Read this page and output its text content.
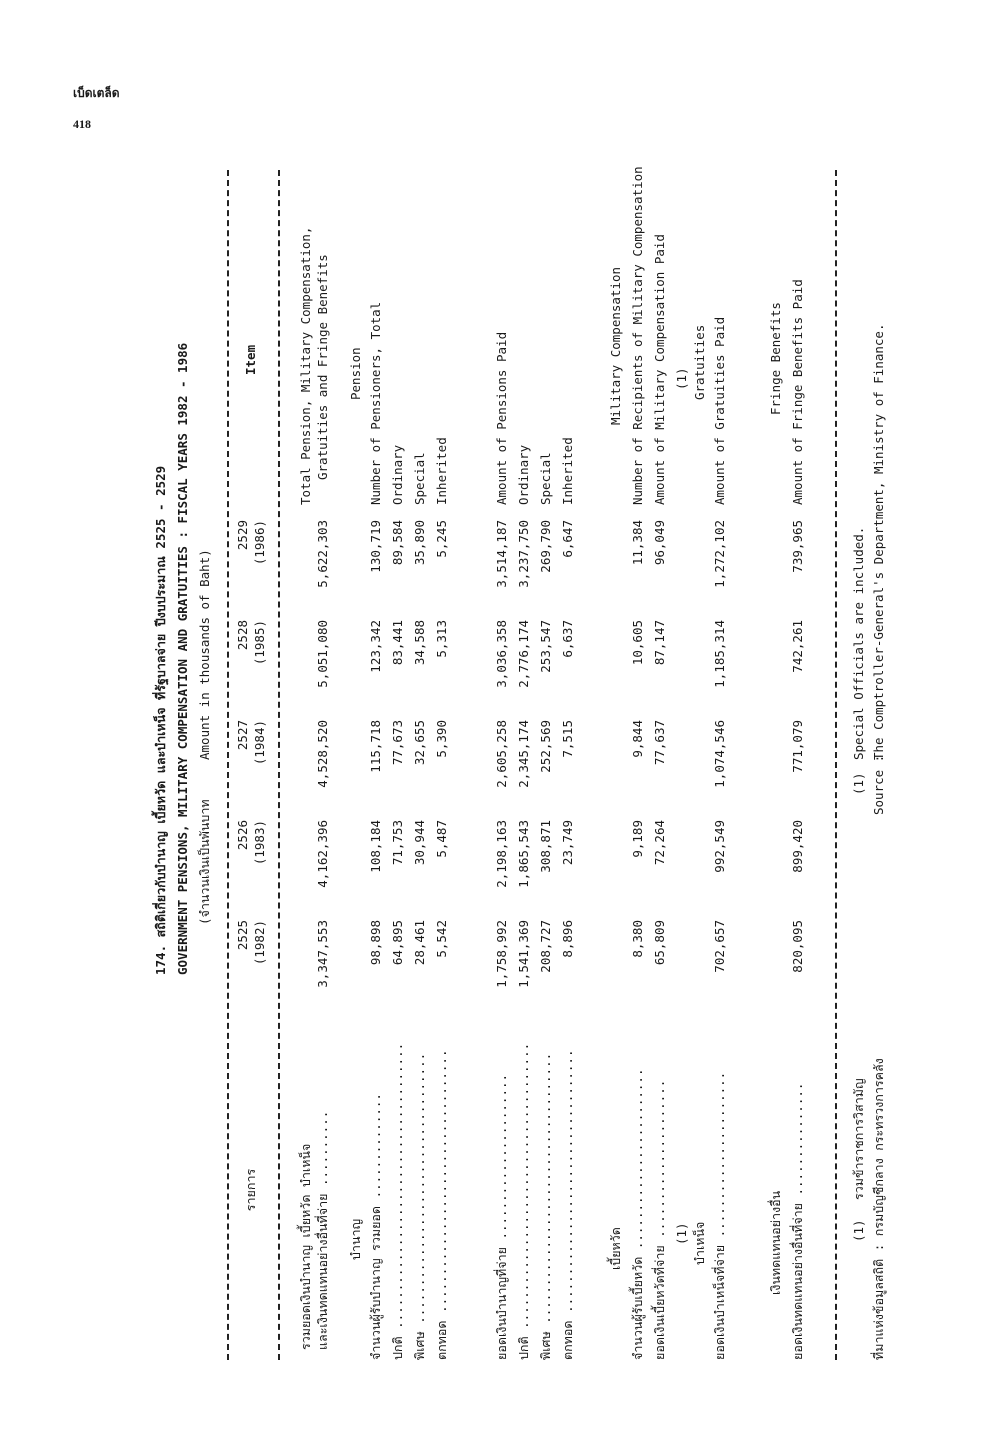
เบ็ดเตล็ด
418
174. สถิติเกี่ยวกับบำนาญ เบี้ยหวัด และบำเหน็จ ที่รัฐบาลจ่าย ปีงบประมาณ 2525 - 2529 GOVERNMENT PENSIONS, MILITARY COMPENSATION AND GRATUITIES : FISCAL YEARS 1982 - 1986 (จำนวนเงินเป็นพันบาท
Amount in thousands of Baht)
รายการ
2525 (1982)
2526 (1983)
2527 (1984)
2528 (1985)
2529 (1986)
Item
รวมยอดเงินบำนาญ เบี้ยหวัด บำเหน็จ และเงินทดแทนอย่างอื่นที่จ่าย ..........
3,347,553
4,162,396
4,528,520
5,051,080
5,622,303
Total Pension, Military Compensation, Gratuities and Fringe Benefits
บำนาญ
Pension
จำนวนผู้รับบำนาญ รวมยอด ..............
98,898
108,184
115,718
123,342
130,719
Number of Pensioners, Total
ปกติ ......................................
64,895
71,753
77,673
83,441
89,584
Ordinary
พิเศษ ....................................
28,461
30,944
32,655
34,588
35,890
Special
ตกทอด ...................................
5,542
5,487
5,390
5,313
5,245
Inherited
ยอดเงินบำนาญที่จ่าย ......................
1,758,992
2,198,163
2,605,258
3,036,358
3,514,187
Amount of Pensions Paid
ปกติ ......................................
1,541,369
1,865,543
2,345,174
2,776,174
3,237,750
Ordinary
พิเศษ ....................................
208,727
308,871
252,569
253,547
269,790
Special
ตกทอด ...................................
8,896
23,749
7,515
6,637
6,647
Inherited
เบี้ยหวัด
Military Compensation
จำนวนผู้รับเบี้ยหวัด ........................
8,380
9,189
9,844
10,605
11,384
Number of Recipients of Military Compensation
ยอดเงินเบี้ยหวัดที่จ่าย .....................
65,809
72,264
77,637
87,147
96,049
Amount of Military Compensation Paid
(1)
(1)
บำเหน็จ
Gratuities
ยอดเงินบำเหน็จที่จ่าย ......................
702,657
992,549
1,074,546
1,185,314
1,272,102
Amount of Gratuities Paid
เงินทดแทนอย่างอื่น
Fringe Benefits
ยอดเงินทดแทนอย่างอื่นที่จ่าย ...............
820,095
899,420
771,079
742,261
739,965
Amount of Fringe Benefits Paid
(1)
รวมข้าราชการวิสามัญ ที่มาแห่งข้อมูลสถิติ : กรมบัญชีกลาง กระทรวงการคลัง
(1)
Special Officials are included.
Source :
The Comptroller-General's Department, Ministry of Finance.
